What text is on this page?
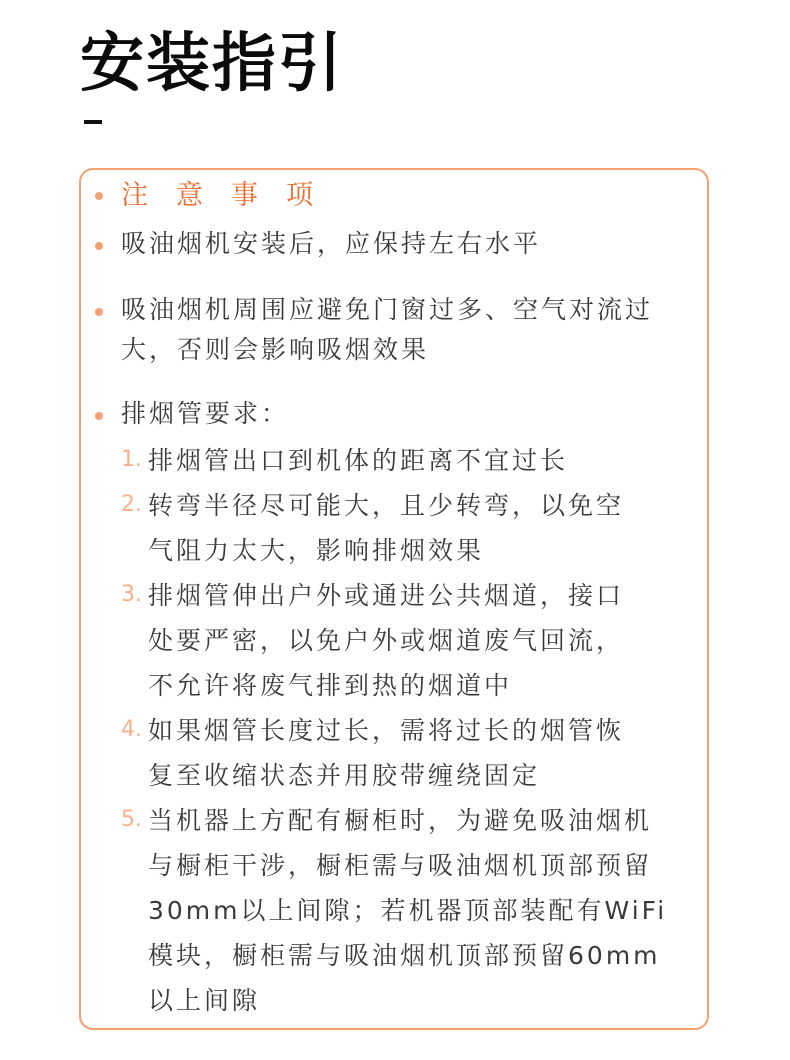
安装指引
注意事项
吸油烟机安装后，应保持左右水平
吸油烟机周围应避免门窗过多、空气对流过
大，否则会影响吸烟效果
排烟管要求：
1. 排烟管出口到机体的距离不宜过长
2. 转弯半径尽可能大，且少转弯，以免空
气阻力太大，影响排烟效果
3. 排烟管伸出户外或通进公共烟道，接口
处要严密，以免户外或烟道废气回流，
不允许将废气排到热的烟道中
4. 如果烟管长度过长，需将过长的烟管恢
复至收缩状态并用胶带缠绕固定
5. 当机器上方配有橱柜时，为避免吸油烟机
与橱柜干涉，橱柜需与吸油烟机顶部预留
30mm以上间隙；若机器顶部装配有WiFi
模块，橱柜需与吸油烟机顶部预留60mm
以上间隙
